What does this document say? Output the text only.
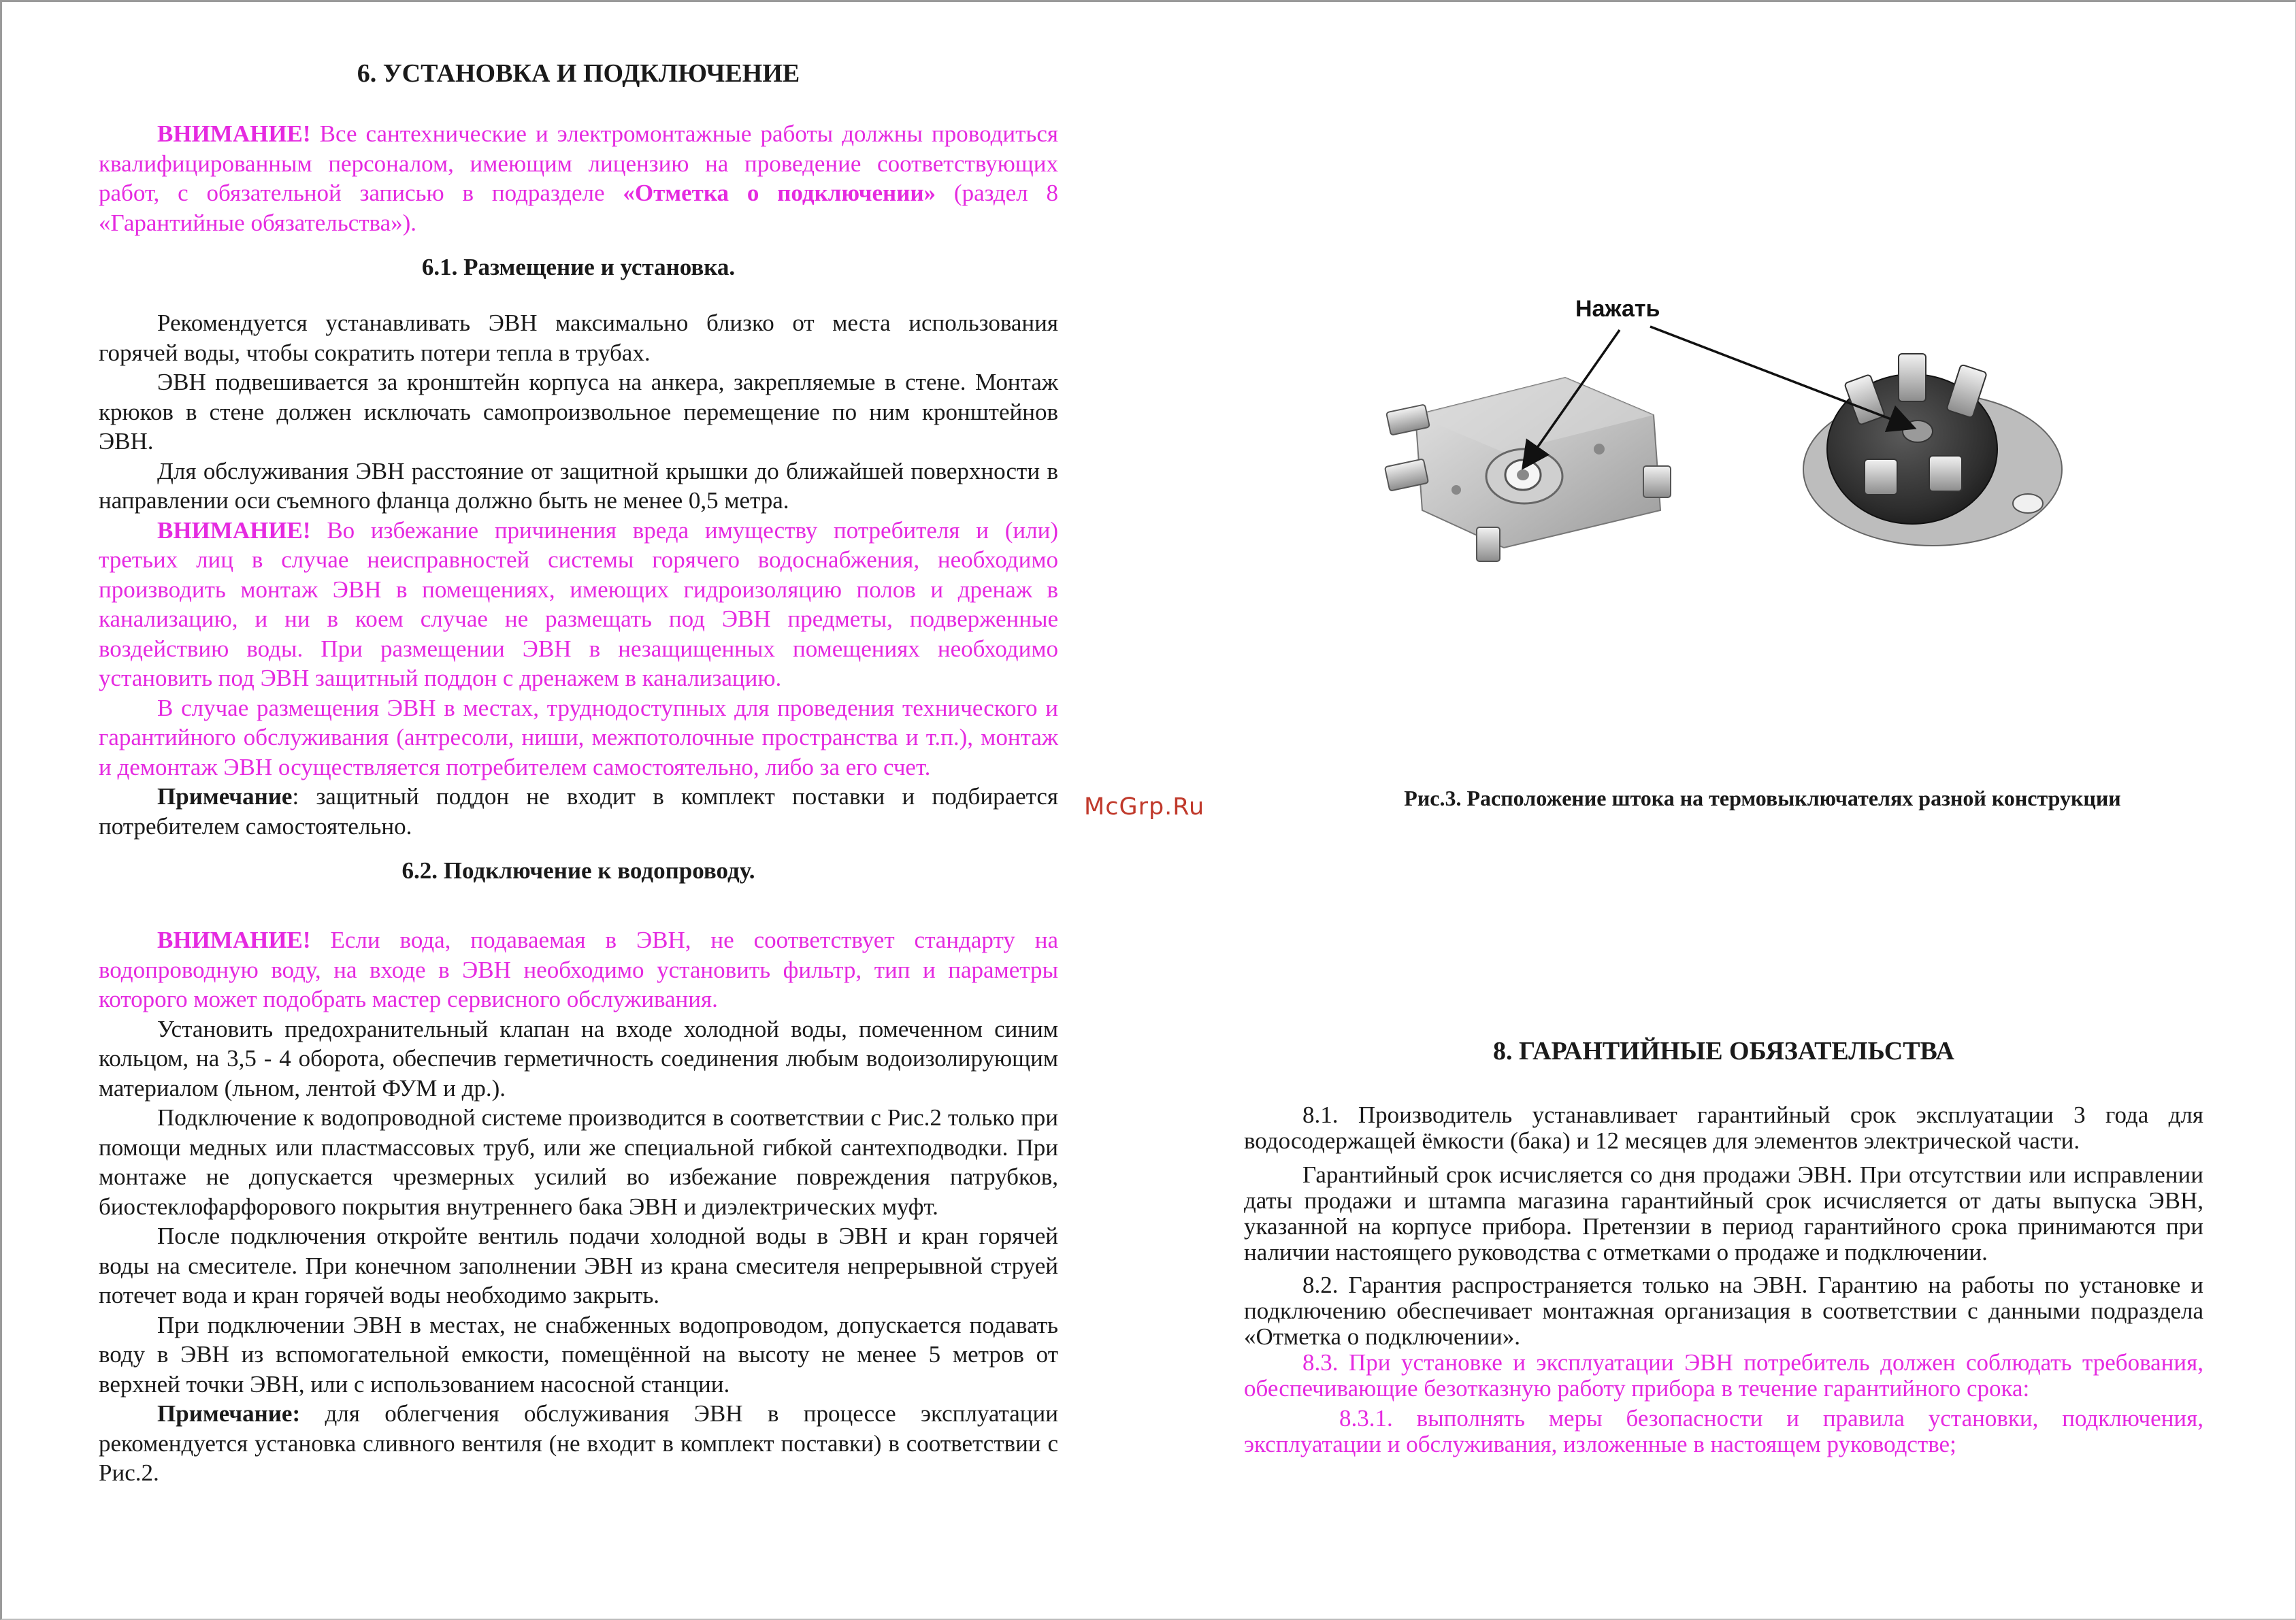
6. УСТАНОВКА И ПОДКЛЮЧЕНИЕ

ВНИМАНИЕ! Все сантехнические и электромонтажные работы должны проводиться квалифицированным персоналом, имеющим лицензию на проведение соответствующих работ, с обязательной записью в подразделе «Отметка о подключении» (раздел 8 «Гарантийные обязательства»).

6.1. Размещение и установка.

Рекомендуется устанавливать ЭВН максимально близко от места использования горячей воды, чтобы сократить потери тепла в трубах.

ЭВН подвешивается за кронштейн корпуса на анкера, закрепляемые в стене. Монтаж крюков в стене должен исключать самопроизвольное перемещение по ним кронштейнов ЭВН.

Для обслуживания ЭВН расстояние от защитной крышки до ближайшей поверхности в направлении оси съемного фланца должно быть не менее 0,5 метра.

ВНИМАНИЕ! Во избежание причинения вреда имуществу потребителя и (или) третьих лиц в случае неисправностей системы горячего водоснабжения, необходимо производить монтаж ЭВН в помещениях, имеющих гидроизоляцию полов и дренаж в канализацию, и ни в коем случае не размещать под ЭВН предметы, подверженные воздействию воды. При размещении ЭВН в незащищенных помещениях необходимо установить под ЭВН защитный поддон с дренажем в канализацию.

В случае размещения ЭВН в местах, труднодоступных для проведения технического и гарантийного обслуживания (антресоли, ниши, межпотолочные пространства и т.п.), монтаж и демонтаж ЭВН осуществляется потребителем самостоятельно, либо за его счет.

Примечание: защитный поддон не входит в комплект поставки и подбирается потребителем самостоятельно.

6.2. Подключение к водопроводу.

ВНИМАНИЕ! Если вода, подаваемая в ЭВН, не соответствует стандарту на водопроводную воду, на входе в ЭВН необходимо установить фильтр, тип и параметры которого может подобрать мастер сервисного обслуживания.

Установить предохранительный клапан на входе холодной воды, помеченном синим кольцом, на 3,5 - 4 оборота, обеспечив герметичность соединения любым водоизолирующим материалом (льном, лентой ФУМ и др.).

Подключение к водопроводной системе производится в соответствии с Рис.2 только при помощи медных или пластмассовых труб, или же специальной гибкой сантехподводки. При монтаже не допускается чрезмерных усилий во избежание повреждения патрубков, биостеклофарфорового покрытия внутреннего бака ЭВН и диэлектрических муфт.

После подключения откройте вентиль подачи холодной воды в ЭВН и кран горячей воды на смесителе. При конечном заполнении ЭВН из крана смесителя непрерывной струей потечет вода и кран горячей воды необходимо закрыть.

При подключении ЭВН в местах, не снабженных водопроводом, допускается подавать воду в ЭВН из вспомогательной емкости, помещённой на высоту не менее 5 метров от верхней точки ЭВН, или с использованием насосной станции.

Примечание: для облегчения обслуживания ЭВН в процессе эксплуатации рекомендуется установка сливного вентиля (не входит в комплект поставки) в соответствии с Рис.2.

McGrp.Ru
Нажать
Рис.3. Расположение штока на термовыключателях разной конструкции
8. ГАРАНТИЙНЫЕ ОБЯЗАТЕЛЬСТВА

8.1. Производитель устанавливает гарантийный срок эксплуатации 3 года для водосодержащей ёмкости (бака) и 12 месяцев для элементов электрической части.

Гарантийный срок исчисляется со дня продажи ЭВН. При отсутствии или исправлении даты продажи и штампа магазина гарантийный срок исчисляется от даты выпуска ЭВН, указанной на корпусе прибора. Претензии в период гарантийного срока принимаются при наличии настоящего руководства с отметками о продаже и подключении.

8.2. Гарантия распространяется только на ЭВН. Гарантию на работы по установке и подключению обеспечивает монтажная организация в соответствии с данными подраздела «Отметка о подключении».

8.3. При установке и эксплуатации ЭВН потребитель должен соблюдать требования, обеспечивающие безотказную работу прибора в течение гарантийного срока:

8.3.1. выполнять меры безопасности и правила установки, подключения, эксплуатации и обслуживания, изложенные в настоящем руководстве;
